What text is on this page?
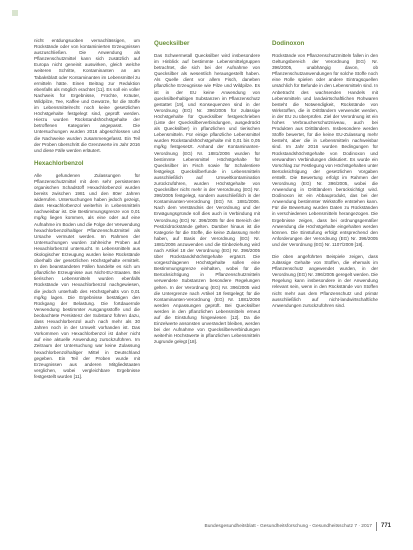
nicht entdungsuoben vernachlässigen, um Rückstände oder von kontaminierten Erzeugnissen auszuschließen. Die Anwendung als Pflanzenschutzmittel kann sich zusätzlich auf Europa nicht geneinit auswirken, gleich welche weiteren Schritte, Kontaminanten an am Tabaksblatt oder Kontaminanten im Lebensmittel zu ermitteln hätte. Einen Beitrag zur Reduktion ebenfalls als möglich erachtet [11]. Es soll ein voller Nachweis für Ergebnisse, Früchte, Kräuter, Wildpilze, Tee, Kaffee und Gewürze, für die Stoffe im Lebensmittelrecht noch keine gesetzlichen Höchstgehalte festgelegt sind, geprüft werden. Hierzu wurden Rückstandshöchstgehalte der betroffenen Kategorien angepasst. Die Untersuchungen wurden 2016 abgeschlossen und die Nachweise wurden zusammengefasst. Ein Teil der Proben überschritt die Grenzwerte im Jahr 2016 und diese Fälle werden erläutert.

Hexachlorbenzol

Alle gefundenen Zulassungen für Pflanzenschutzmittel mit dem sehr persistenten organischen Schadstoff Hexachlorbenzol wurden bereits zwischen 1981 und den 80er Jahren widerrufen. Untersuchungen haben jedoch gezeigt, dass Hexachlorbenzol weiterhin in Lebensmitteln nachweisbar ist. Die Bestimmungsgrenze von 0,01 mg/kg liegen kommen, als eine oder auf eine Aufnahme im Boden und die Folge der Verwendung hexachlorbenzolhaltiger Pflanzenschutzmittel als Ursache vermutet werden. Im Rahmen der Untersuchungen wurden zahlreiche Proben auf Hexachlorbenzol untersucht. In Lebensmitteln aus ökologischer Erzeugung wurden keine Rückstände oberhalb der gesetzlichen Höchstgehalte ermittelt. In den beanstandeten Fällen handelte es sich um pflanzliche Erzeugnisse aus Nicht-EU-Staaten. Bei tierischen Lebensmitteln wurden ebenfalls Rückstände von Hexachlorbenzol nachgewiesen, die jedoch unterhalb des Höchstgehalts von 0,01 mg/kg lagen. Die Ergebnisse bestätigen den Rückgang der Belastung. Die fortdauernde Verwendung bestimmter Ausgangsstoffe und die beobachtete Persistenz der Substanz führen dazu, dass Hexachlorbenzol auch nach mehr als 30 Jahren noch in der Umwelt vorhanden ist. Das Vorkommen von Hexachlorbenzol ist daher nicht auf eine aktuelle Anwendung zurückzuführen. Im Zeitraum der Untersuchung war keine Zulassung hexachlorbenzolhaltiger Mittel in Deutschland gegeben. Ein Teil der Proben wurde mit Erzeugnissen aus anderen Mitgliedstaaten verglichen, wobei vergleichbare Ergebnisse festgestellt wurden [11].

Quecksilber

Das Schwermetall Quecksilber wird insbesondere im Hinblick auf bestimmte Lebensmittelgruppen betrachtet, die sich bei der Aufnahme von Quecksilber als wesentlich herausgestellt haben. Als Quelle dient vor allem Fisch, daneben pflanzliche Erzeugnisse wie Pilze und Wildpilze. Es ist in der EU keine Anwendung von quecksilberhaltigen Substanzen im Pflanzenschutz gestattet [19], und Konsequenzen sind in der Verordnung (EG) Nr. 396/2005 für zulässige Höchstgehalte für Quecksilber festgeschrieben (Liste der Quecksilberverbindungen, ausgedrückt als Quecksilber) in pflanzlichen und tierischen Lebensmitteln. Für einige pflanzliche Lebensmittel wurden Rückstandshöchstgehalte mit 0,01 bis 0,05 mg/kg festgesetzt. Anhand der Kontaminanten-Verordnung (EG) Nr. 1881/2006 wurden für bestimmte Lebensmittel Höchstgehalte für Quecksilber im Fisch sowie für Schalentiere festgelegt. Quecksilberfunde in Lebensmitteln ausschließlich auf Umweltkontamination zurückzuführen, wurden Höchstgehalte von Quecksilber nicht mehr in der Verordnung (EG) Nr. 396/2005 festgelegt, sondern ausschließlich in der Kontaminanten-Verordnung (EG) Nr. 1881/2006. Nach dem Verständnis der Verordnung und der Erwägungsgründe soll dies auch in Verbindung mit Verordnung (EG) Nr. 396/2005 für den Bereich der Pestizidrückstände gelten. Darüber hinaus ist die Kategorie für die Stoffe, die keine Zulassung mehr haben, auf Basis der Verordnung (EG) Nr. 1881/2006 anzuwenden und die Einbeziehung wird nach Artikel 18 der Verordnung (EG) Nr. 396/2005 über Rückstandshöchstgehalte ergänzt. Die vorgeschlagenen Höchstgehalte sollen eine Bestimmungsgrenze einhalten, wobei für die Berücksichtigung in Pflanzenschutzmitteln verwendete Substanzen besondere Regelungen gelten. In der Verordnung (EG) Nr. 396/2005 wird die Untergrenze nach Artikel 18 festgelegt; für die Kontaminanten-Verordnung (EG) Nr. 1881/2006 werden Anpassungen geprüft. Bei Quecksilber werden in den pflanzlichen Lebensmitteln erneut auf die Einstufung hingewiesen [12]. Da die Einzelwerte ansonsten unverändert bleiben, werden bei der Aufnahme von Quecksilberverbindungen weiterhin Höchstwerte in pflanzlichen Lebensmitteln zugrunde gelegt [18].

Dodinoxon

Rückstände von Pflanzenschutzmitteln fallen in den Geltungsbereich der Verordnung (EG) Nr. 396/2005, unabhängig davon, ob Pflanzenschutzanwendungen für solche Stoffe noch eine Rolle spielen oder andere Eintragsquellen ursächlich für Befunde in den Lebensmitteln sind. In Anbetracht des wachsenden Handels mit Lebensmitteln und landwirtschaftlichen Rohwaren besteht die Notwendigkeit, Rückstände von Wirkstoffen, die in Drittländern verwendet werden, in der EU zu überprüfen. Ziel der Verordnung ist ein hohes Verbraucherschutzniveau, auch bei Produkten aus Drittländern. Insbesondere werden Stoffe bewertet, für die keine EU-Zulassung mehr besteht, aber die in Lebensmitteln nachweisbar sind. Im Jahr 2016 wurden Bedingungen für Rückstandshöchstgehalte von Dodinoxon und verwandten Verbindungen diskutiert. Es wurde ein Vorschlag zur Festlegung von Höchstgehalten unter Berücksichtigung der gesetzlichen Vorgaben erstellt. Die Bewertung erfolgt im Rahmen der Verordnung (EG) Nr. 396/2005, wobei die Anwendung in Drittländern berücksichtigt wird. Dodinoxon ist ein Abbauprodukt, das bei der Anwendung bestimmter Wirkstoffe entstehen kann. Für die Bewertung wurden Daten zu Rückständen in verschiedenen Lebensmitteln herangezogen. Die Ergebnisse zeigen, dass bei ordnungsgemäßer Anwendung die Höchstgehalte eingehalten werden können. Die Einstufung erfolgt entsprechend den Anforderungen der Verordnung (EG) Nr. 396/2005 und der Verordnung (EG) Nr. 1107/2009 [18].

Die oben angeführten Beispiele zeigen, dass zulässige Gehalte von Stoffen, die ehemals im Pflanzenschutz angewendet wurden, in der Verordnung (EG) Nr. 396/2005 geregelt werden. Die Regelung kann insbesondere in der Anwendung relevant sein, wenn in den Rückstände von Stoffen nicht mehr aus dem Pflanzenschutz und primär ausschließlich auf nicht-landwirtschaftliche Anwendungen zurückzuführen sind.

Bundesgesundheitsblatt - Gesundheitsforschung - Gesundheitsschutz 7 · 2017 771
